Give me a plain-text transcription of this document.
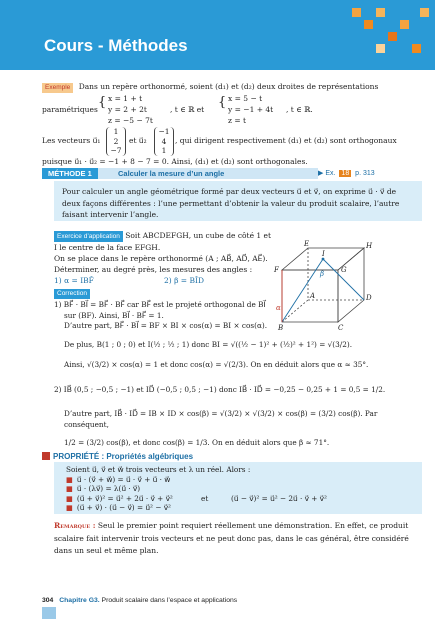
Cours - Méthodes
Exemple Dans un repère orthonormé, soient (d₁) et (d₂) deux droites de représentations
paramétriques { x = 1 + t
y = 2 + 2t
z = −5 − 7t
, t ∈ ℝ et { x = 5 − t
y = −1 + 4t
z = t
, t ∈ ℝ.
Les vecteurs u⃗₁
1
2
−7
et u⃗₂
−1
4
1
, qui dirigent respectivement (d₁) et (d₂) sont orthogonaux
puisque u⃗₁ · u⃗₂ = −1 + 8 − 7 = 0. Ainsi, (d₁) et (d₂) sont orthogonales.
MÉTHODE 1	Calculer la mesure d’un angle	▶ Ex. 18 p. 313
Pour calculer un angle géométrique formé par deux vecteurs u⃗ et v⃗, on exprime u⃗ · v⃗ de
deux façons différentes : l’une permettant d’obtenir la valeur du produit scalaire, l’autre
faisant intervenir l’angle.
Exercice d’application Soit ABCDEFGH, un cube de côté 1 et I le centre de la face EFGH.
On se place dans le repère orthonormé (A ; AB⃗, AD⃗, AE⃗).
Déterminer, au degré près, les mesures des angles :
1) α = IBF̂	2) β = BÎD
E	H
F	G
I
A	D
B	C
α
β
Correction
1) BF⃗ · BI⃗ = BF⃗ · BF⃗ car BF⃗ est le projeté orthogonal de BI⃗
sur (BF). Ainsi, BI⃗ · BF⃗ = 1.
D’autre part, BF⃗ · BI⃗ = BF × BI × cos(α) = BI × cos(α).
De plus, B(1 ; 0 ; 0) et I(½ ; ½ ; 1) donc BI = √((½ − 1)² + (½)² + 1²) = √(3/2).
Ainsi, √(3/2) × cos(α) = 1 et donc cos(α) = √(2/3). On en déduit alors que α ≈ 35°.
2) IB⃗ (0,5 ; −0,5 ; −1) et ID⃗ (−0,5 ; 0,5 ; −1) donc IB⃗ · ID⃗ = −0,25 − 0,25 + 1 = 0,5 = 1/2.
D’autre part, IB⃗ · ID⃗ = IB × ID × cos(β) = √(3/2) × √(3/2) × cos(β) = (3/2) cos(β). Par conséquent,
1/2 = (3/2) cos(β), et donc cos(β) = 1/3. On en déduit alors que β ≈ 71°.
PROPRIÉTÉ : Propriétés algébriques
Soient u⃗, v⃗ et w⃗ trois vecteurs et λ un réel. Alors :
■ u⃗ · (v⃗ + w⃗) = u⃗ · v⃗ + u⃗ · w⃗
■ u⃗ · (λv⃗) = λ(u⃗ · v⃗)
■ (u⃗ + v⃗)² = u⃗² + 2u⃗ · v⃗ + v⃗²	et	(u⃗ − v⃗)² = u⃗² − 2u⃗ · v⃗ + v⃗²
■ (u⃗ + v⃗) · (u⃗ − v⃗) = u⃗² − v⃗²
Remarque : Seul le premier point requiert réellement une démonstration. En effet, ce produit scalaire fait intervenir trois vecteurs et ne peut donc pas, dans le cas général, être considéré dans un seul et même plan.
304 Chapitre G3. Produit scalaire dans l’espace et applications
